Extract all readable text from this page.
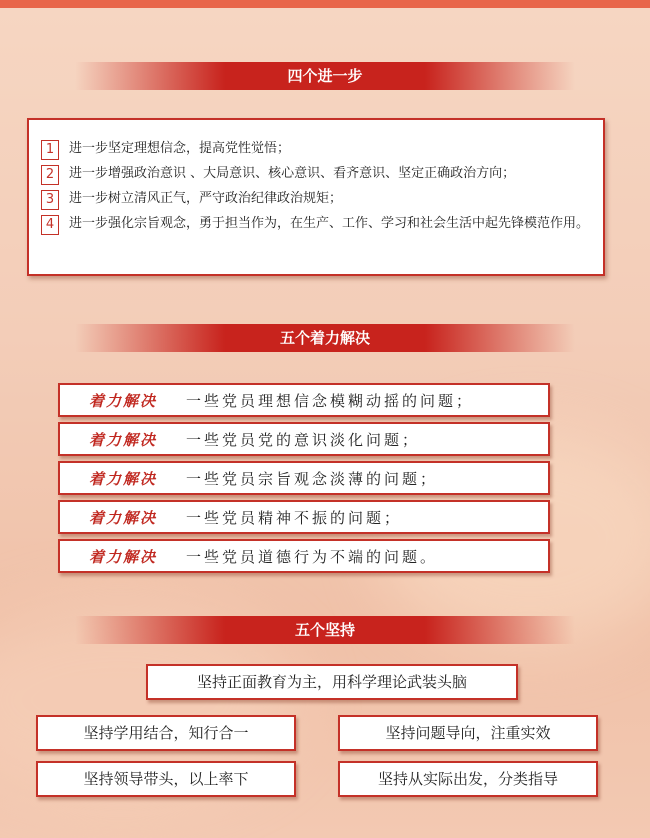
四个进一步
1	进一步坚定理想信念，提高党性觉悟；
2	进一步增强政治意识 、大局意识、核心意识、看齐意识、坚定正确政治方向；
3	进一步树立清风正气，严守政治纪律政治规矩；
4	进一步强化宗旨观念，勇于担当作为，在生产、工作、学习和社会生活中起先锋模范作用。
五个着力解决
着力解决	一些党员理想信念模糊动摇的问题；
着力解决	一些党员党的意识淡化问题；
着力解决	一些党员宗旨观念淡薄的问题；
着力解决	一些党员精神不振的问题；
着力解决	一些党员道德行为不端的问题。
五个坚持
坚持正面教育为主，用科学理论武装头脑
坚持学用结合，知行合一	坚持问题导向，注重实效
坚持领导带头，以上率下	坚持从实际出发，分类指导
